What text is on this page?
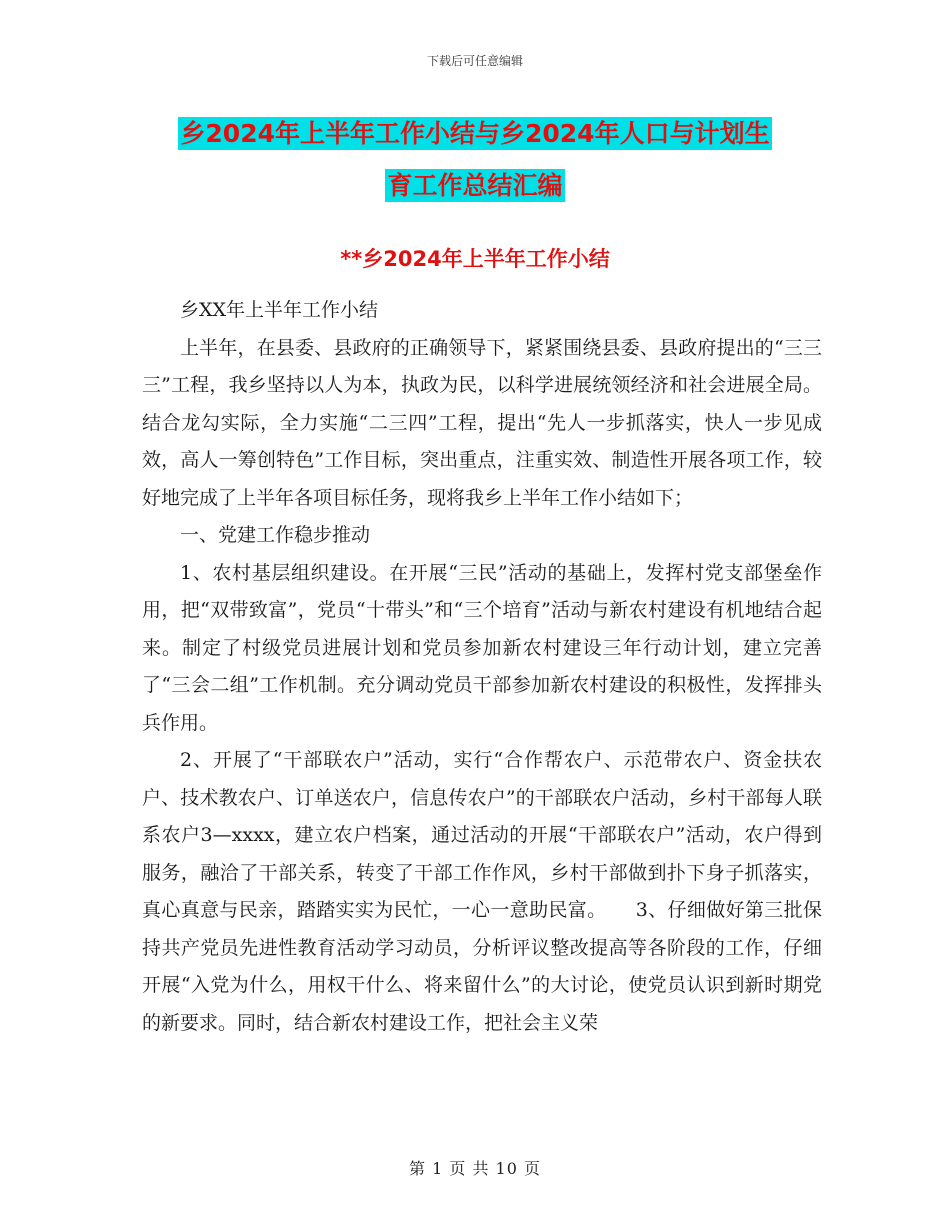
下载后可任意编辑
乡2024年上半年工作小结与乡2024年人口与计划生
育工作总结汇编
**乡2024年上半年工作小结

乡XX年上半年工作小结

上半年，在县委、县政府的正确领导下，紧紧围绕县委、县政府提出的“三三三”工程，我乡坚持以人为本，执政为民，以科学进展统领经济和社会进展全局。结合龙勾实际，全力实施“二三四”工程，提出“先人一步抓落实，快人一步见成效，高人一筹创特色”工作目标，突出重点，注重实效、制造性开展各项工作，较好地完成了上半年各项目标任务，现将我乡上半年工作小结如下；

一、党建工作稳步推动

1、农村基层组织建设。在开展“三民”活动的基础上，发挥村党支部堡垒作用，把“双带致富”，党员“十带头”和“三个培育”活动与新农村建设有机地结合起来。制定了村级党员进展计划和党员参加新农村建设三年行动计划，建立完善了“三会二组”工作机制。充分调动党员干部参加新农村建设的积极性，发挥排头兵作用。

2、开展了“干部联农户”活动，实行“合作帮农户、示范带农户、资金扶农户、技术教农户、订单送农户，信息传农户”的干部联农户活动，乡村干部每人联系农户3—xxxx，建立农户档案，通过活动的开展“干部联农户”活动，农户得到服务，融洽了干部关系，转变了干部工作作风，乡村干部做到扑下身子抓落实，真心真意与民亲，踏踏实实为民忙，一心一意助民富。　　3、仔细做好第三批保持共产党员先进性教育活动学习动员，分析评议整改提高等各阶段的工作，仔细开展“入党为什么，用权干什么、将来留什么”的大讨论，使党员认识到新时期党的新要求。同时，结合新农村建设工作，把社会主义荣

第 1 页 共 10 页
